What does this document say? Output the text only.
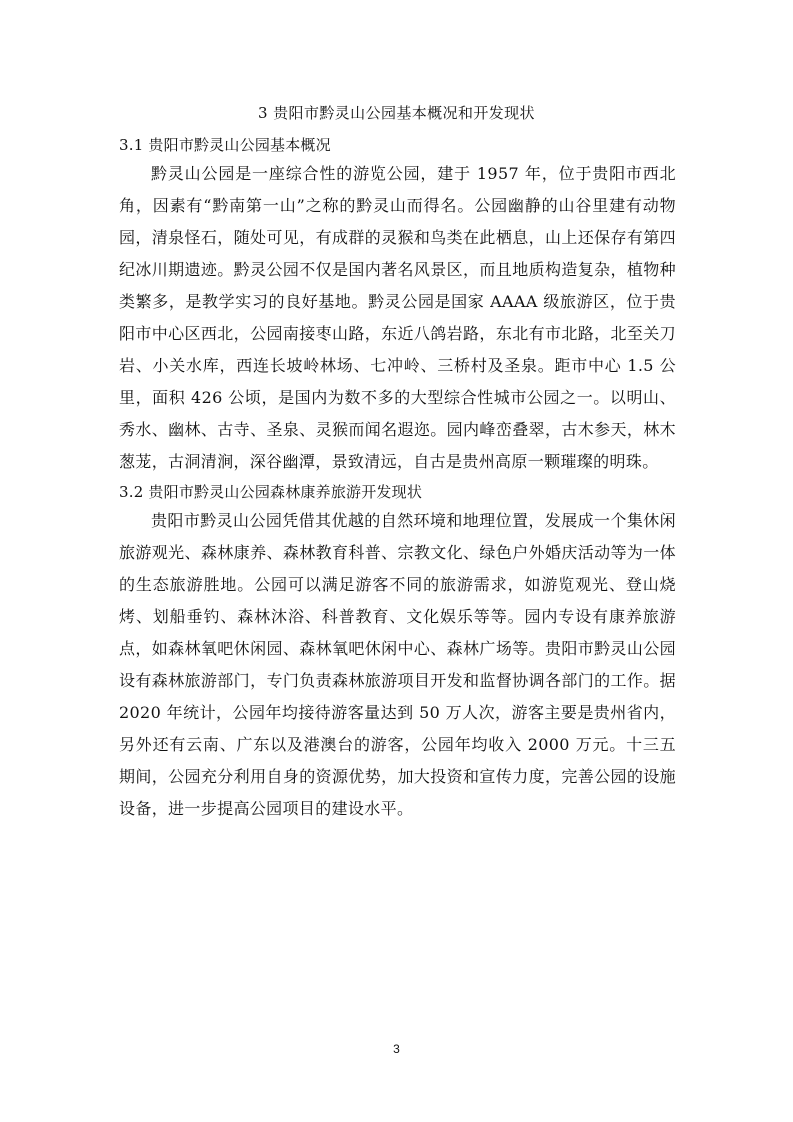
3 贵阳市黔灵山公园基本概况和开发现状
3.1 贵阳市黔灵山公园基本概况

黔灵山公园是一座综合性的游览公园，建于 1957 年，位于贵阳市西北角，因素有“黔南第一山”之称的黔灵山而得名。公园幽静的山谷里建有动物园，清泉怪石，随处可见，有成群的灵猴和鸟类在此栖息，山上还保存有第四纪冰川期遗迹。黔灵公园不仅是国内著名风景区，而且地质构造复杂，植物种类繁多，是教学实习的良好基地。黔灵公园是国家 AAAA 级旅游区，位于贵阳市中心区西北，公园南接枣山路，东近八鸽岩路，东北有市北路，北至关刀岩、小关水库，西连长坡岭林场、七冲岭、三桥村及圣泉。距市中心 1.5 公里，面积 426 公顷，是国内为数不多的大型综合性城市公园之一。以明山、秀水、幽林、古寺、圣泉、灵猴而闻名遐迩。园内峰峦叠翠，古木参天，林木葱茏，古洞清涧，深谷幽潭，景致清远，自古是贵州高原一颗璀璨的明珠。

3.2 贵阳市黔灵山公园森林康养旅游开发现状

贵阳市黔灵山公园凭借其优越的自然环境和地理位置，发展成一个集休闲旅游观光、森林康养、森林教育科普、宗教文化、绿色户外婚庆活动等为一体的生态旅游胜地。公园可以满足游客不同的旅游需求，如游览观光、登山烧烤、划船垂钓、森林沐浴、科普教育、文化娱乐等等。园内专设有康养旅游点，如森林氧吧休闲园、森林氧吧休闲中心、森林广场等。贵阳市黔灵山公园设有森林旅游部门，专门负责森林旅游项目开发和监督协调各部门的工作。据 2020 年统计，公园年均接待游客量达到 50 万人次，游客主要是贵州省内，另外还有云南、广东以及港澳台的游客，公园年均收入 2000 万元。十三五期间，公园充分利用自身的资源优势，加大投资和宣传力度，完善公园的设施设备，进一步提高公园项目的建设水平。

3
